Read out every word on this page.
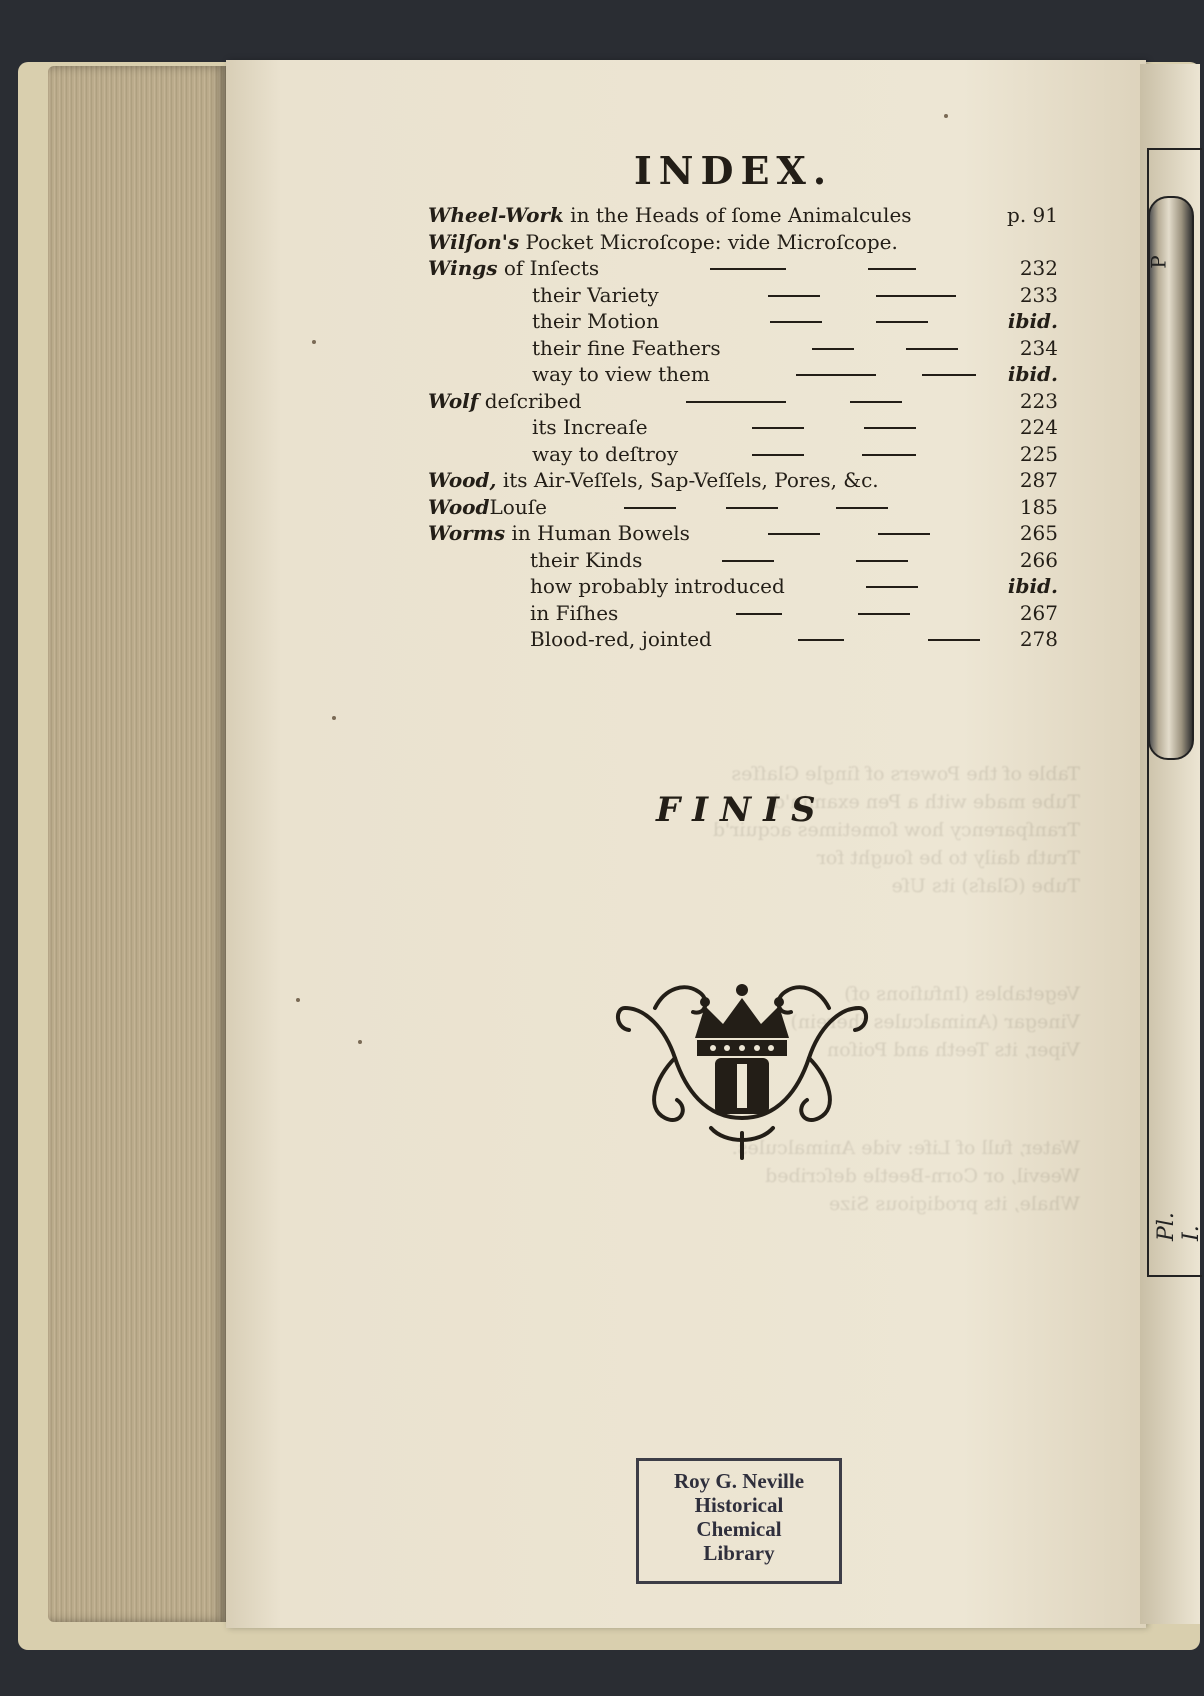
P
Pl. I.
Table of the Powers of ſingle Glaſſes
Tube made with a Pen examin'd
Tranſparency how ſometimes acquir'd
Truth daily to be ſought for
Tube (Glaſs) its Uſe
Vegetables (Infuſions of)
Vinegar (Animalcules therein)
Viper, its Teeth and Poiſon
Water, full of Life: vide Animalcules.
Weevil, or Corn-Beetle deſcribed
Whale, its prodigious Size
INDEX.
Wheel-Work in the Heads of ſome Animalcules	p. 91
Wilſon's Pocket Microſcope: vide Microſcope.
Wings of Inſects	232
their Variety	233
their Motion	ibid.
their fine Feathers	234
way to view them	ibid.
Wolf deſcribed	223
its Increaſe	224
way to deſtroy	225
Wood, its Air-Veſſels, Sap-Veſſels, Pores, &c.	287
WoodLouſe	185
Worms in Human Bowels	265
their Kinds	266
how probably introduced	ibid.
in Fiſhes	267
Blood-red, jointed	278
FINIS
Roy G. Neville
Historical
Chemical
Library
